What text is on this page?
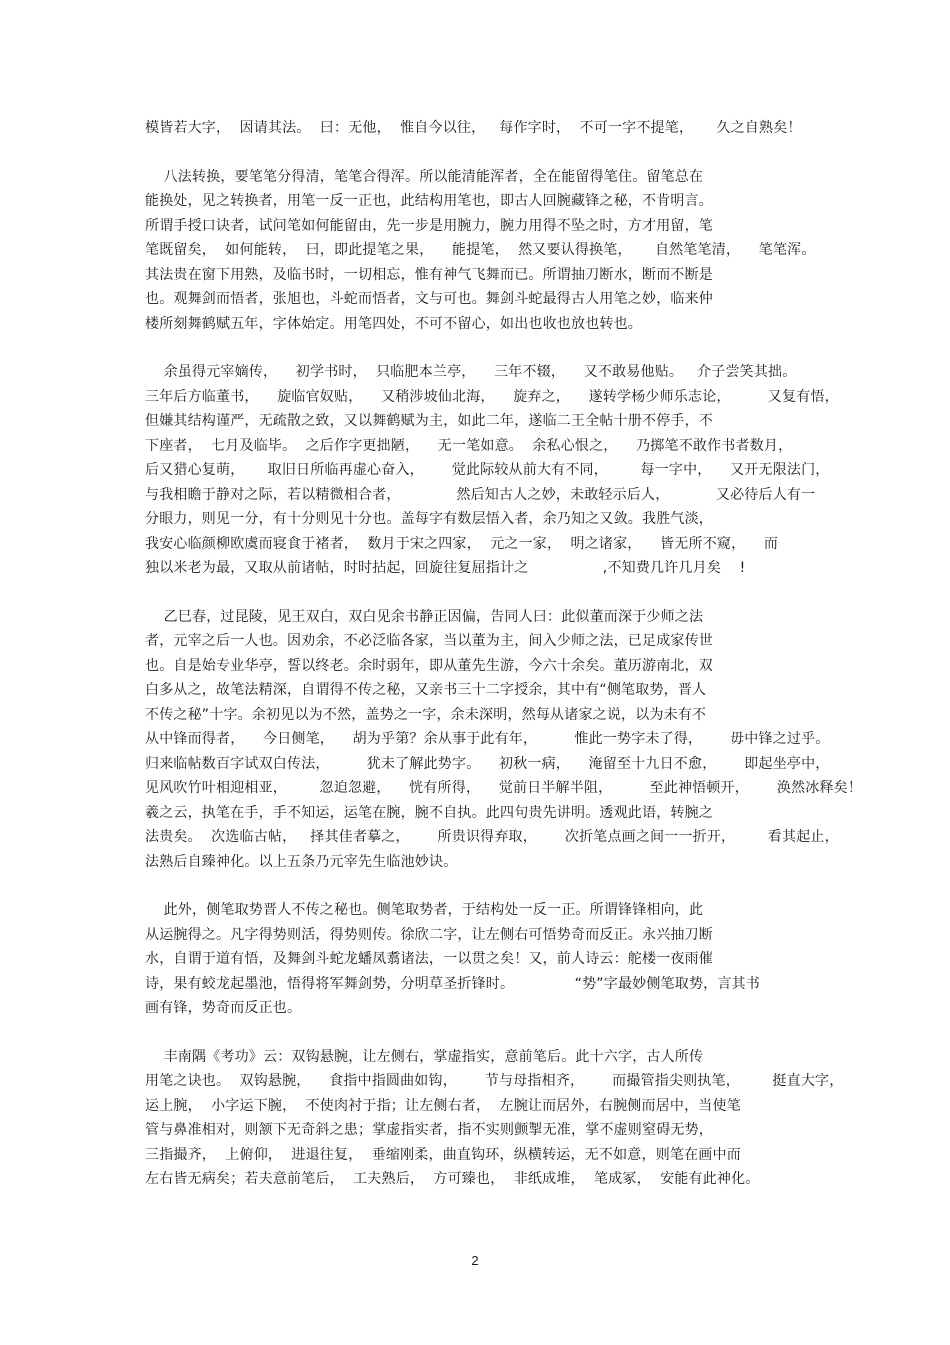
模皆若大字，  因请其法。  曰：无他，  惟自今以往，   每作字时，  不可一字不提笔，     久之自熟矣！
八法转换，要笔笔分得清，笔笔合得浑。所以能清能浑者，全在能留得笔住。留笔总在
能换处，见之转换者，用笔一反一正也，此结构用笔也，即古人回腕藏锋之秘，不肯明言。
所谓手授口诀者，试问笔如何能留由，先一步是用腕力，腕力用得不坠之时，方才用留，笔
笔既留矣，  如何能转，  曰，即此提笔之果，    能提笔，  然又要认得换笔，     自然笔笔清，    笔笔浑。
其法贵在窗下用熟，及临书时，一切相忘，惟有神气飞舞而已。所谓抽刀断水，断而不断是
也。观舞剑而悟者，张旭也，斗蛇而悟者，文与可也。舞剑斗蛇最得古人用笔之妙，临来仲
楼所刻舞鹤赋五年，字体始定。用笔四处，不可不留心，如出也收也放也转也。
余虽得元宰嫡传，    初学书时，  只临肥本兰亭，    三年不辍，    又不敢易他贴。   介子尝笑其拙。
三年后方临董书，    旋临官奴贴，    又稍涉坡仙北海，    旋弃之，    遂转学杨少师乐志论，        又复有悟，
但嫌其结构谨严，无疏散之致，又以舞鹤赋为主，如此二年，遂临二王全帖十册不停手，不
下座者，  七月及临毕。  之后作字更拙陋，    无一笔如意。  余私心恨之，    乃掷笔不敢作书者数月，
后又猎心复萌，     取旧日所临再虚心奋入，      觉此际较从前大有不同，       每一字中，    又开无限法门，
与我相瞻于静对之际，若以精微相合者，            然后知古人之妙，未敢轻示后人，          又必待后人有一
分眼力，则见一分，有十分则见十分也。盖每字有数层悟入者，余乃知之又敛。我胜气淡，
我安心临颜柳欧虞而寝食于褚者，  数月于宋之四家，  元之一家，  明之诸家，    皆无所不窥，    而
独以米老为最，又取从前诸帖，时时拈起，回旋往复屈指计之                ,不知费几许几月矣    !
乙巳春，过昆陵，见王双白，双白见余书静正因偏，告同人曰：此似董而深于少师之法
者，元宰之后一人也。因劝余，不必泛临各家，当以董为主，间入少师之法，已足成家传世
也。自是始专业华亭，誓以终老。余时弱年，即从董先生游，今六十余矣。董历游南北，双
白多从之，故笔法精深，自谓得不传之秘，又亲书三十二字授余，其中有“侧笔取势，晋人
不传之秘”十字。余初见以为不然，盖势之一字，余未深明，然每从诸家之说，以为未有不
从中锋而得者，    今日侧笔，    胡为乎第？余从事于此有年，        惟此一势字未了得，      毋中锋之过乎。
归来临帖数百字试双白传法，        犹未了解此势字。    初秋一病，    淹留至十九日不愈，      即起坐亭中，
见风吹竹叶相迎相亚，       忽迫忽避，    恍有所得，    觉前日半解半阻，        至此神悟顿开，      涣然冰释矣！
羲之云，执笔在手，手不知运，运笔在腕，腕不自执。此四句贵先讲明。透观此语，转腕之
法贵矣。  次选临古帖，   择其佳者摹之，      所贵识得弃取，      次折笔点画之间一一折开，       看其起止，
法熟后自臻神化。以上五条乃元宰先生临池妙诀。
此外，侧笔取势晋人不传之秘也。侧笔取势者，于结构处一反一正。所谓锋锋相向，此
从运腕得之。凡字得势则活，得势则传。徐欣二字，让左侧右可悟势奇而反正。永兴抽刀断
水，自谓于道有悟，及舞剑斗蛇龙蟠凤翥诸法，一以贯之矣！又，前人诗云：舵楼一夜雨催
诗，果有蛟龙起墨池，悟得将军舞剑势，分明草圣折锋时。             “势”字最妙侧笔取势，言其书
画有锋，势奇而反正也。
丰南隅《考功》云：双钩悬腕，让左侧右，掌虚指实，意前笔后。此十六字，古人所传
用笔之诀也。  双钩悬腕，    食指中指圆曲如钩，      节与母指相齐，      而撮管指尖则执笔，       挺直大字，
运上腕，  小字运下腕，  不使肉衬于指；让左侧右者，  左腕让而居外，右腕侧而居中，当使笔
管与鼻准相对，则颔下无奇斜之患；掌虚指实者，指不实则颤掣无准，掌不虚则窒碍无势，
三指撮齐，  上俯仰，  进退往复，  垂缩刚柔，曲直钩环，纵横转运，无不如意，则笔在画中而
左右皆无病矣；若夫意前笔后，  工夫熟后，  方可臻也，  非纸成堆，  笔成冢，  安能有此神化。
2
